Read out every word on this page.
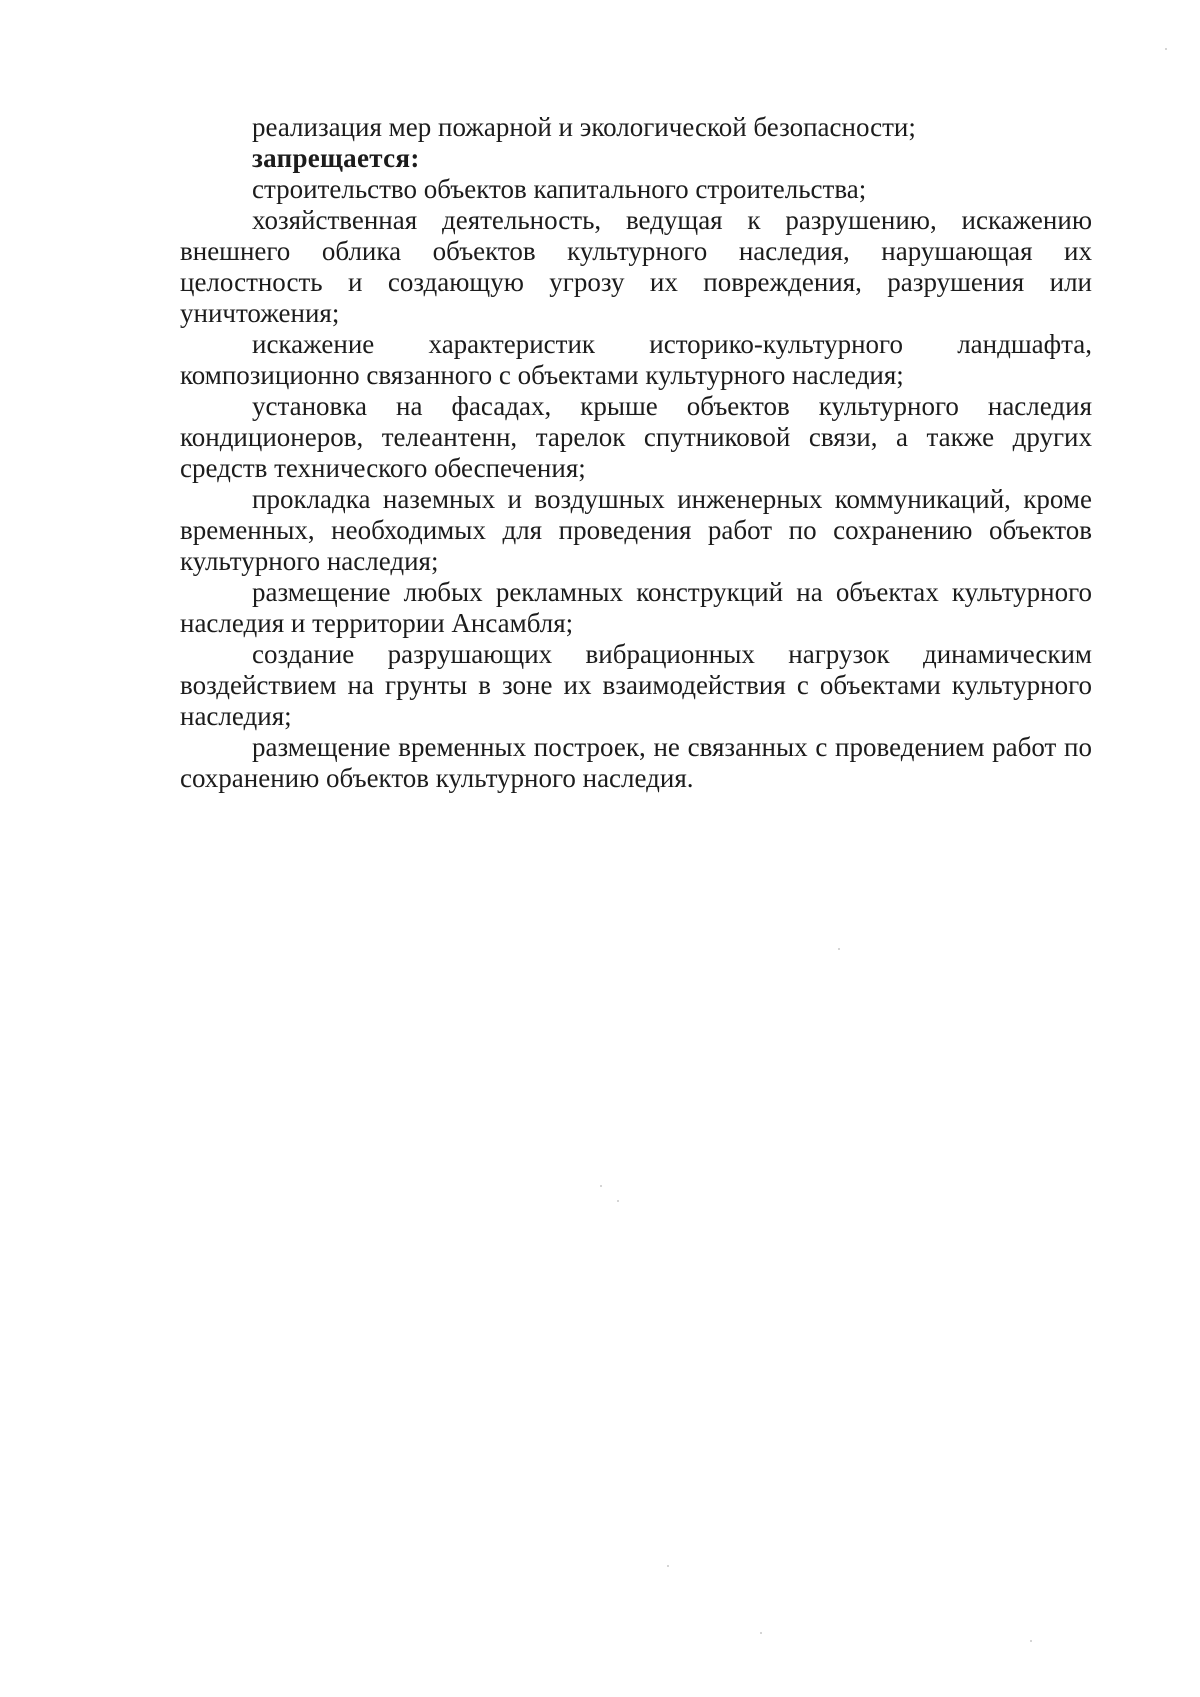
реализация мер пожарной и экологической безопасности;

запрещается:

строительство объектов капитального строительства;

хозяйственная деятельность, ведущая к разрушению, искажению внешнего облика объектов культурного наследия, нарушающая их целостность и создающую угрозу их повреждения, разрушения или уничтожения;

искажение характеристик историко-культурного ландшафта, композиционно связанного с объектами культурного наследия;

установка на фасадах, крыше объектов культурного наследия кондиционеров, телеантенн, тарелок спутниковой связи, а также других средств технического обеспечения;

прокладка наземных и воздушных инженерных коммуникаций, кроме временных, необходимых для проведения работ по сохранению объектов культурного наследия;

размещение любых рекламных конструкций на объектах культурного наследия и территории Ансамбля;

создание разрушающих вибрационных нагрузок динамическим воздействием на грунты в зоне их взаимодействия с объектами культурного наследия;

размещение временных построек, не связанных с проведением работ по сохранению объектов культурного наследия.
